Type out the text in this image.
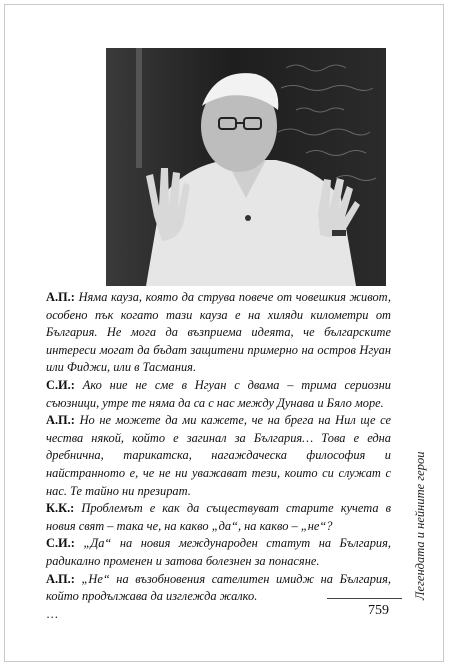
А.П.: Няма кауза, която да струва повече от човешкия живот, особено пък когато тази кауза е на хиляди километри от България. Не мога да възприема идеята, че българските интереси могат да бъдат защитени примерно на остров Нгуан или Фиджи, или в Тасмания.

С.И.: Ако ние не сме в Нгуан с двама – трима сериозни съюзници, утре те няма да са с нас между Дунава и Бяло море.

А.П.: Но не можете да ми кажете, че на брега на Нил ще се чества някой, който е загинал за България… Това е една дребнична, тарикатска, нагаждаческа философия и найстранното е, че не ни уважават тези, които си служат с нас. Те тайно ни презират.

К.К.: Проблемът е как да съществуват старите кучета в новия свят – така че, на какво „да“, на какво – „не“?

С.И.: „Да“ на новия международен статут на България, радикално променен и затова болезнен за понасяне.

А.П.: „Не“ на възобновения сателитен имидж на България, който продължава да изглежда жалко.

…

Легендата и нейните герои
759
